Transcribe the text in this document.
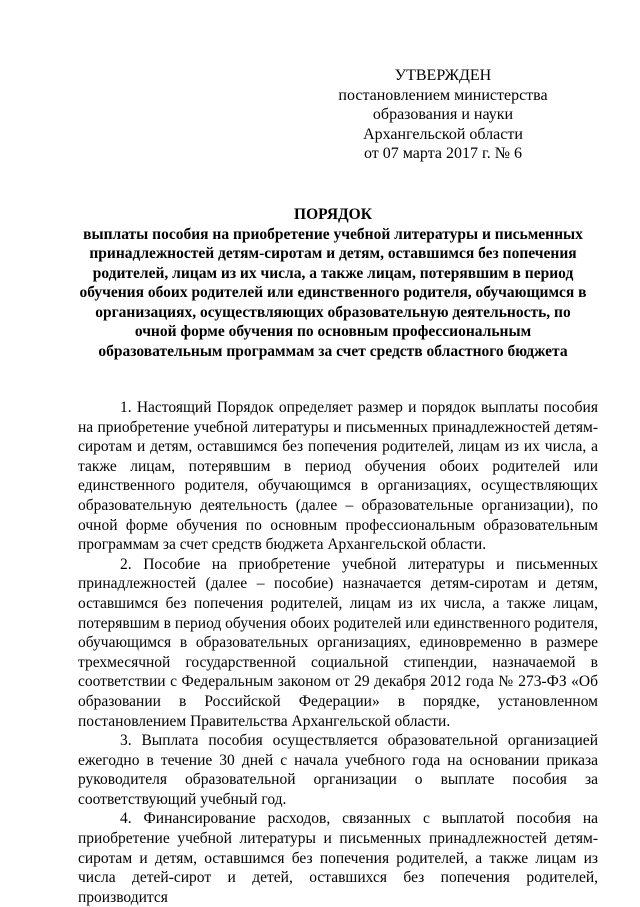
УТВЕРЖДЕН
постановлением министерства
образования и науки
Архангельской области
от 07 марта 2017 г. № 6
ПОРЯДОК
выплаты пособия на приобретение учебной литературы и письменных принадлежностей детям-сиротам и детям, оставшимся без попечения родителей, лицам из их числа, а также лицам, потерявшим в период обучения обоих родителей или единственного родителя, обучающимся в организациях, осуществляющих образовательную деятельность, по очной форме обучения по основным профессиональным образовательным программам за счет средств областного бюджета

1. Настоящий Порядок определяет размер и порядок выплаты пособия на приобретение учебной литературы и письменных принадлежностей детям-сиротам и детям, оставшимся без попечения родителей, лицам из их числа, а также лицам, потерявшим в период обучения обоих родителей или единственного родителя, обучающимся в организациях, осуществляющих образовательную деятельность (далее – образовательные организации), по очной форме обучения по основным профессиональным образовательным программам за счет средств бюджета Архангельской области.

2. Пособие на приобретение учебной литературы и письменных принадлежностей (далее – пособие) назначается детям-сиротам и детям, оставшимся без попечения родителей, лицам из их числа, а также лицам, потерявшим в период обучения обоих родителей или единственного родителя, обучающимся в образовательных организациях, единовременно в размере трехмесячной государственной социальной стипендии, назначаемой в соответствии с Федеральным законом от 29 декабря 2012 года № 273-ФЗ «Об образовании в Российской Федерации» в порядке, установленном постановлением Правительства Архангельской области.

3. Выплата пособия осуществляется образовательной организацией ежегодно в течение 30 дней с начала учебного года на основании приказа руководителя образовательной организации о выплате пособия за соответствующий учебный год.

4. Финансирование расходов, связанных с выплатой пособия на приобретение учебной литературы и письменных принадлежностей детям-сиротам и детям, оставшимся без попечения родителей, а также лицам из числа детей-сирот и детей, оставшихся без попечения родителей, производится
